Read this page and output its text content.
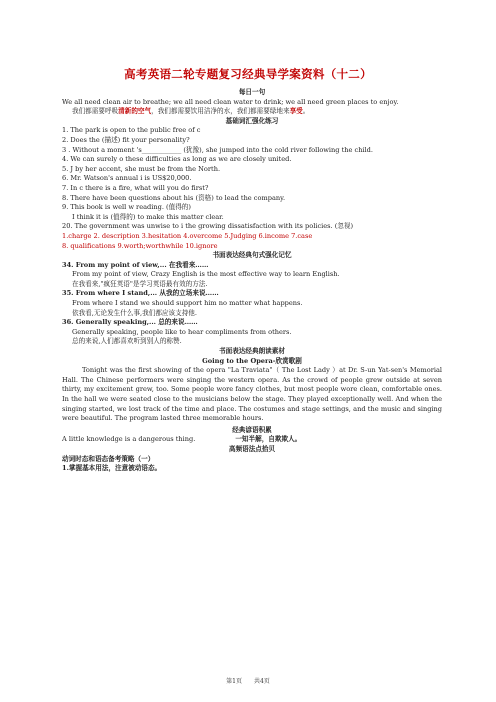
高考英语二轮专题复习经典导学案资料（十二）

每日一句

We all need clean air to breathe; we all need clean water to drink; we all need green places to enjoy.

我们都需要呼吸清新的空气，我们都需要饮用洁净的水，我们都需要绿地来享受。

基础词汇强化练习

1. The park is open to the public free of c

2. Does the (描述) fit your personality?

3 . Without a moment 's____________ (犹豫), she jumped into the cold river following the child.

4. We can surely o these difficulties as long as we are closely united.

5. J by her accent, she must be from the North.

6. Mr. Watson's annual i is US$20,000.

7. In c there is a fire, what will you do first?

8. There have been questions about his (资格) to lead the company.

9. This book is well w reading. (值得的)

I think it is (值得的) to make this matter clear.

20. The government was unwise to i the growing dissatisfaction with its policies. (忽视)

1.charge 2. description 3.hesitation 4.overcome 5.Judging 6.income 7.case

8. qualifications 9.worth;worthwhile 10.ignore

书面表达经典句式强化记忆

34. From my point of view,... 在我看来……

From my point of view, Crazy English is the most effective way to learn English.

在我看来,"疯狂英语"是学习英语最有效的方法.

35. From where I stand,... 从我的立场来说……

From where I stand we should support him no matter what happens.

依我看,无论发生什么事,我们都应该支持他.

36. Generally speaking,... 总的来说……

Generally speaking, people like to hear compliments from others.

总的来说,人们都喜欢听到别人的称赞.

书面表达经典朗读素材

Going to the Opera-欣赏歌剧

Tonight was the first showing of the opera "La Traviata"（ The Lost Lady ）at Dr. S-un Yat-sen's Memorial Hall. The Chinese performers were singing the western opera. As the crowd of people grew outside at seven thirty, my excitement grew, too. Some people wore fancy clothes, but most people wore clean, comfortable ones. In the hall we were seated close to the musicians below the stage. They played exceptionally well. And when the singing started, we lost track of the time and place. The costumes and stage settings, and the music and singing were beautiful. The program lasted three memorable hours.

经典谚语积累

A little knowledge is a dangerous thing.	一知半解，自欺欺人。

高频语法点拾贝

动词时态和语态备考策略（一）

1.掌握基本用法，注意被动语态。

第1页　　共4页
